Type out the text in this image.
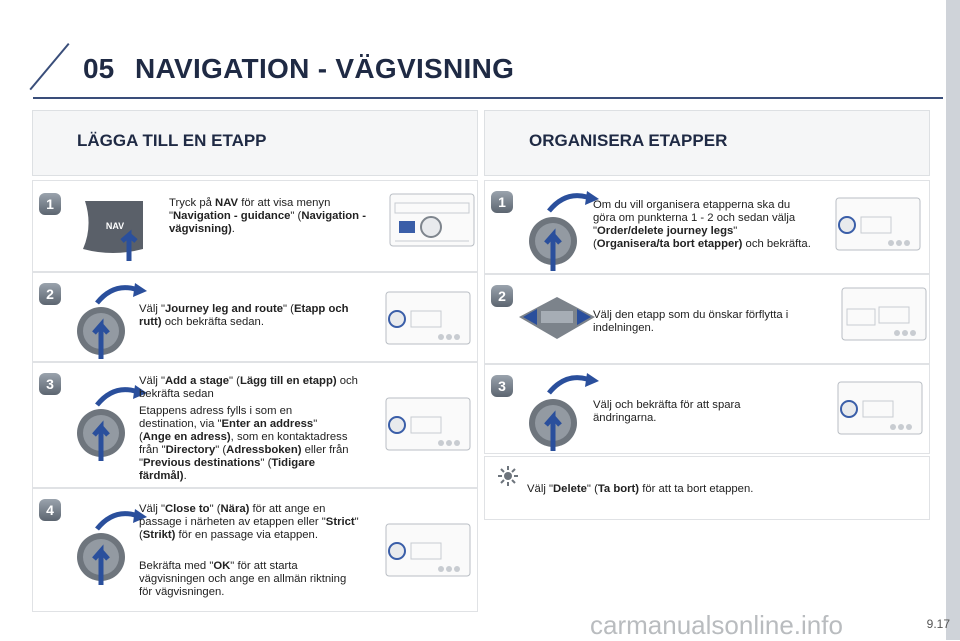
05 NAVIGATION - VÄGVISNING
LÄGGA TILL EN ETAPP
1
NAV
Tryck på NAV för att visa menyn "Navigation - guidance" (Navigation - vägvisning).
2
Välj "Journey leg and route" (Etapp och rutt) och bekräfta sedan.
3	Välj "Add a stage" (Lägg till en etapp) och bekräfta sedan
Etappens adress fylls i som en destination, via "Enter an address" (Ange en adress), som en kontaktadress från "Directory" (Adressboken) eller från "Previous destinations" (Tidigare färdmål).
4	Välj "Close to" (Nära) för att ange en passage i närheten av etappen eller "Strict" (Strikt) för en passage via etappen.
Bekräfta med "OK" för att starta vägvisningen och ange en allmän riktning för vägvisningen.
ORGANISERA ETAPPER
1	Om du vill organisera etapperna ska du göra om punkterna 1 - 2 och sedan välja "Order/delete journey legs" (Organisera/ta bort etapper) och bekräfta.
2
Välj den etapp som du önskar förflytta i indelningen.
3
Välj och bekräfta för att spara ändringarna.
Välj "Delete" (Ta bort) för att ta bort etappen.
carmanualsonline.info	9.17
